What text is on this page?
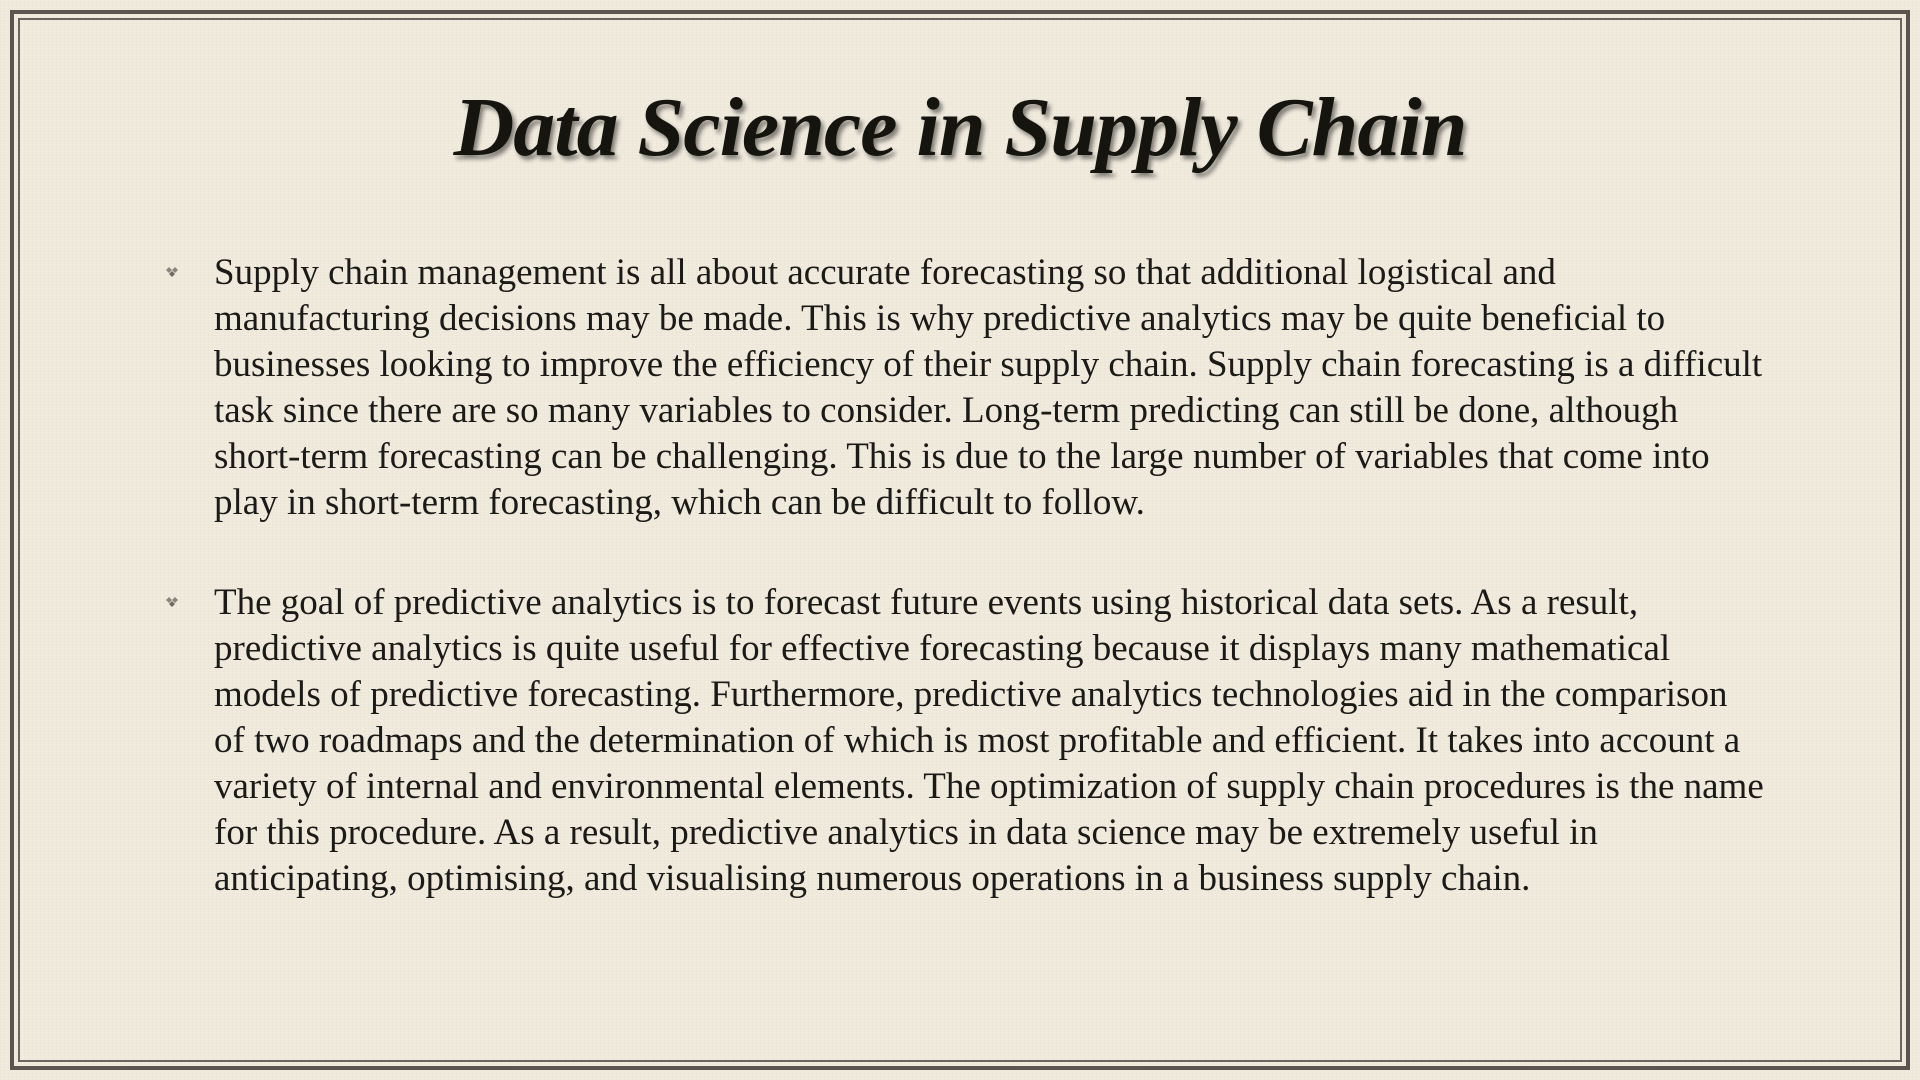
Data Science in Supply Chain
Supply chain management is all about accurate forecasting so that additional logistical and manufacturing decisions may be made. This is why predictive analytics may be quite beneficial to businesses looking to improve the efficiency of their supply chain. Supply chain forecasting is a difficult task since there are so many variables to consider. Long-term predicting can still be done, although short-term forecasting can be challenging. This is due to the large number of variables that come into play in short-term forecasting, which can be difficult to follow.
The goal of predictive analytics is to forecast future events using historical data sets. As a result, predictive analytics is quite useful for effective forecasting because it displays many mathematical models of predictive forecasting. Furthermore, predictive analytics technologies aid in the comparison of two roadmaps and the determination of which is most profitable and efficient. It takes into account a variety of internal and environmental elements. The optimization of supply chain procedures is the name for this procedure. As a result, predictive analytics in data science may be extremely useful in anticipating, optimising, and visualising numerous operations in a business supply chain.
